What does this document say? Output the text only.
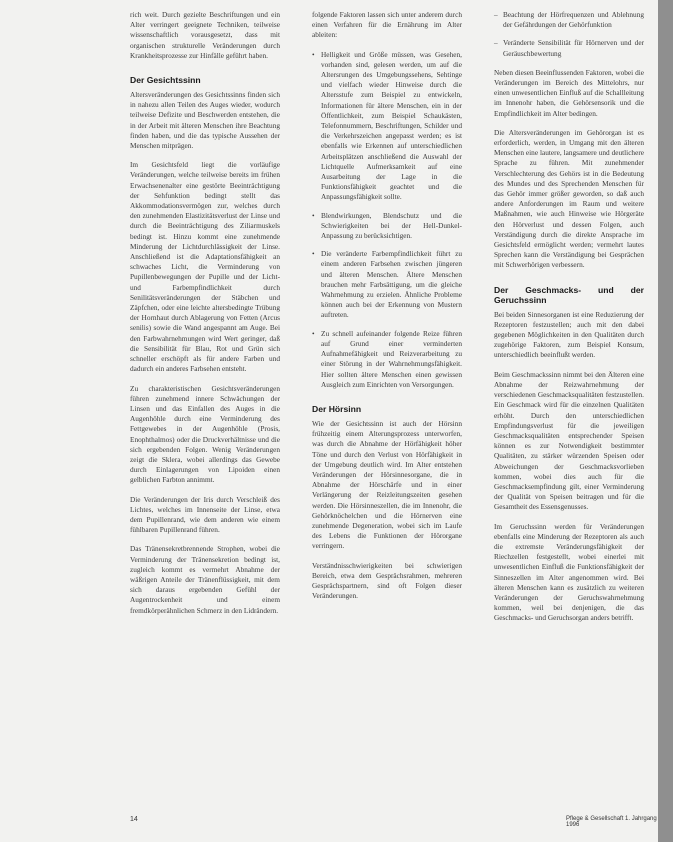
rich weit. Durch gezielte Beschriftungen und ein Alter verringert geeignete Techniken, teilweise wissenschaftlich vorausgesetzt, dass mit organischen strukturelle Veränderungen durch Krankheitsprozesse zur Hinfälle geführt haben.

Der Gesichtssinn

Altersveränderungen des Gesichtssinns finden sich in nahezu allen Teilen des Auges wieder, wodurch teilweise Defizite und Beschwerden entstehen, die in der Arbeit mit älteren Menschen ihre Beachtung finden haben, und die das typische Aussehen der Menschen mitprägen.

Im Gesichtsfeld liegt die vorläufige Veränderungen, welche teilweise bereits im frühen Erwachsenenalter eine gestörte Beeinträchtigung der Sehfunktion bedingt stellt das Akkommodationsvermögen zur, welches durch den zunehmenden Elastizitätsverlust der Linse und durch die Beeinträchtigung des Ziliarmuskels bedingt ist. Hinzu kommt eine zunehmende Minderung der Lichtdurchlässigkeit der Linse. Anschließend ist die Adaptationsfähigkeit an schwaches Licht, die Verminderung von Pupillenbewegungen der Pupille und der Licht- und Farbempfindlichkeit durch Senilitätsveränderungen der Stäbchen und Zäpfchen, oder eine leichte altersbedingte Trübung der Hornhaut durch Ablagerung von Fetten (Arcus senilis) sowie die Wand angespannt am Auge. Bei den Farbwahrnehmungen wird Wert geringer, daß die Sensibilität für Blau, Rot und Grün sich schneller erschöpft als für andere Farben und dadurch ein anderes Farbsehen entsteht.

Zu charakteristischen Gesichtsveränderungen führen zunehmend innere Schwächungen der Linsen und das Einfallen des Auges in die Augenhöhle durch eine Verminderung des Fettgewebes in der Augenhöhle (Prosis, Enophthalmos) oder die Druckverhältnisse und die sich ergebenden Folgen. Wenig Veränderungen zeigt die Sklera, wobei allerdings das Gewebe durch Einlagerungen von Lipoiden einen gelblichen Farbton annimmt.

Die Veränderungen der Iris durch Verschleiß des Lichtes, welches im Innenseite der Linse, etwa dem Pupillenrand, wie dem anderen wie einem fühlbaren Pupillenrand führen.

Das Tränensekretbrennende Strophen, wobei die Verminderung der Tränensekretion bedingt ist, zugleich kommt es vermehrt Abnahme der wäßrigen Anteile der Tränenflüssigkeit, mit dem sich daraus ergebenden Gefühl der Augentrockenheit und einem fremdkörperähnlichen Schmerz in den Lidrändern.

folgende Faktoren lassen sich unter anderem durch einen Verfahren für die Ernährung im Alter ableiten:

• Helligkeit und Größe müssen, was Gesehen, vorhanden sind, gelesen werden, um auf die Altersrungen des Umgebungssehens, Sehtinge und vielfach wieder Hinweise durch die Altersstufe zum Beispiel zu entwickeln, Informationen für ältere Menschen, ein in der Öffentlichkeit, zum Beispiel Schaukästen, Telefonnummern, Beschriftungen, Schilder und die Verkehrszeichen angepasst werden; es ist ebenfalls wie Erkennen auf unterschiedlichen Arbeitsplätzen anschließend die Auswahl der Lichtquelle Aufmerksamkeit auf eine Ausarbeitung der Lage in die Funktionsfähigkeit geachtet und die Anpassungsfähigkeit sollte.
• Blendwirkungen, Blendschutz und die Schwierigkeiten bei der Hell-Dunkel-Anpassung zu berücksichtigen.
• Die veränderte Farbempfindlichkeit führt zu einem anderen Farbsehen zwischen jüngeren und älteren Menschen. Ältere Menschen brauchen mehr Farbsättigung, um die gleiche Wahrnehmung zu erzielen. Ähnliche Probleme können auch bei der Erkennung von Mustern auftreten.
• Zu schnell aufeinander folgende Reize führen auf Grund einer verminderten Aufnahmefähigkeit und Reizverarbeitung zu einer Störung in der Wahrnehmungsfähigkeit. Hier sollten ältere Menschen einen gewissen Ausgleich zum Einrichten von Versorgungen.
Der Hörsinn

Wie der Gesichtssinn ist auch der Hörsinn frühzeitig einem Alterungsprozess unterworfen, was durch die Abnahme der Hörfähigkeit höher Töne und durch den Verlust von Hörfähigkeit in der Umgebung deutlich wird. Im Alter entstehen Veränderungen der Hörsinnesorgane, die in Abnahme der Hörschärfe und in einer Verlängerung der Reizleitungszeiten gesehen werden. Die Hörsinneszellen, die im Innenohr, die Gehörknöchelchen und die Hörnerven eine zunehmende Degeneration, wobei sich im Laufe des Lebens die Funktionen der Hörorgane verringern.

Verständnisschwierigkeiten bei schwierigen Bereich, etwa dem Gesprächsrahmen, mehreren Gesprächspartnern, sind oft Folgen dieser Veränderungen.

– Beachtung der Hörfrequenzen und Ablehnung der Gefährdungen der Gehörfunktion
– Veränderte Sensibilität für Hörnerven und der Geräuschbewertung

Neben diesen Beeinflussenden Faktoren, wobei die Veränderungen im Bereich des Mittelohrs, nur einen unwesentlichen Einfluß auf die Schallleitung im Innenohr haben, die Gehörsensorik und die Empfindlichkeit im Alter bedingen.

Die Altersveränderungen im Gehörorgan ist es erforderlich, werden, in Umgang mit den älteren Menschen eine lautere, langsamere und deutlichere Sprache zu führen. Mit zunehmender Verschlechterung des Gehörs ist in die Bedeutung des Mundes und des Sprechenden Menschen für das Gehör immer größer geworden, so daß auch andere Anforderungen im Raum und weitere Maßnahmen, wie auch Hinweise wie Hörgeräte den Hörverlust und dessen Folgen, auch Verständigung durch die direkte Ansprache im Gesichtsfeld ermöglicht werden; vermehrt lautes Sprechen kann die Verständigung bei Gesprächen mit Schwerhörigen verbessern.

Der Geschmacks- und der Geruchssinn

Bei beiden Sinnesorganen ist eine Reduzierung der Rezeptoren festzustellen; auch mit den dabei gegebenen Möglichkeiten in den Qualitäten durch zugehörige Faktoren, zum Beispiel Konsum, unterschiedlich beeinflußt werden.

Beim Geschmackssinn nimmt bei den Älteren eine Abnahme der Reizwahrnehmung der verschiedenen Geschmacksqualitäten festzustellen. Ein Geschmack wird für die einzelnen Qualitäten erhöht. Durch den unterschiedlichen Empfindungsverlust für die jeweiligen Geschmacksqualitäten entsprechender Speisen können es zur Notwendigkeit bestimmter Qualitäten, zu stärker würzenden Speisen oder Abweichungen der Geschmacksvorlieben kommen, wobei dies auch für die Geschmacksempfindung gilt, einer Verminderung der Qualität von Speisen beitragen und für die Gesamtheit des Essensgenusses.

Im Geruchssinn werden für Veränderungen ebenfalls eine Minderung der Rezeptoren als auch die extremste Veränderungsfähigkeit der Riechzellen festgestellt, wobei einerlei mit unwesentlichen Einfluß die Funktionsfähigkeit der Sinneszellen im Alter angenommen wird. Bei älteren Menschen kann es zusätzlich zu weiteren Veränderungen der Geruchswahrnehmung kommen, weil bei denjenigen, die das Geschmacks- und Geruchsorgan anders betrifft.

14	Pflege & Gesellschaft 1. Jahrgang 1996
